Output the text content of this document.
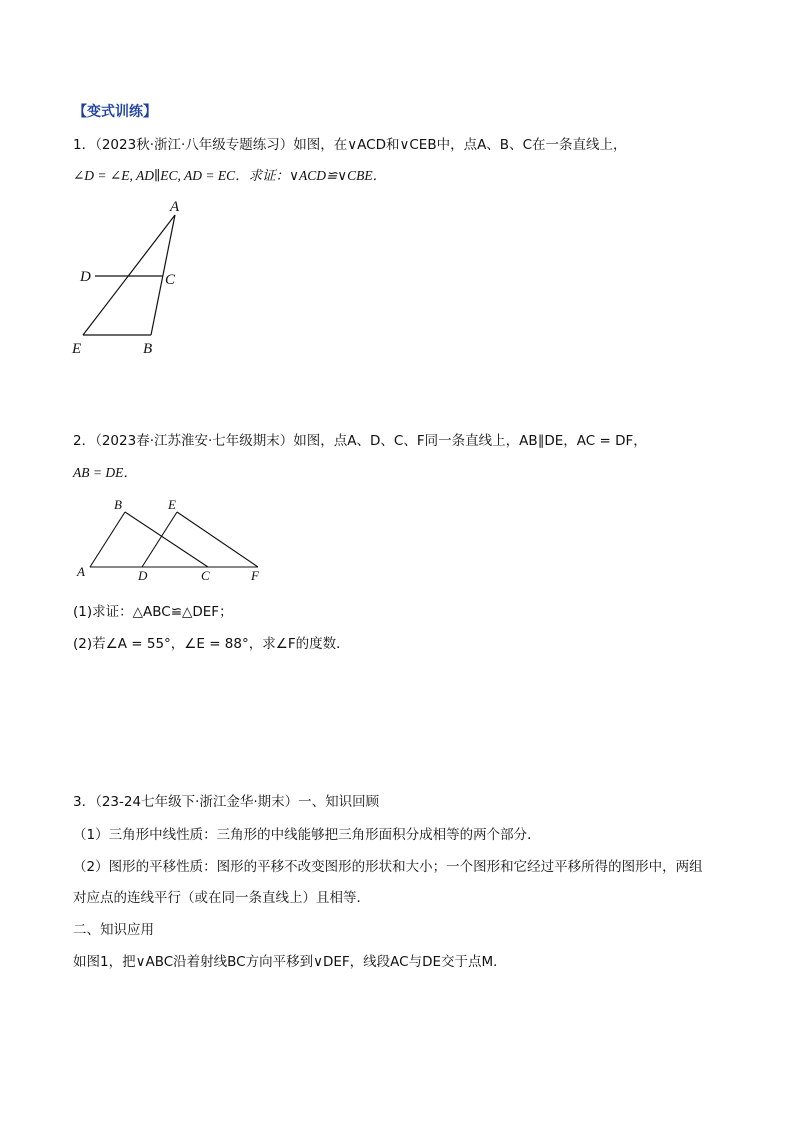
【变式训练】
1．（2023秋·浙江·八年级专题练习）如图，在∨ACD和∨CEB中，点A、B、C在一条直线上，
∠D = ∠E, AD∥EC, AD = EC．求证：∨ACD≌∨CBE．
A
D	C
E	B
2．（2023春·江苏淮安·七年级期末）如图，点A、D、C、F同一条直线上，AB∥DE，AC = DF，
AB = DE．
A
B	E
D	C	F
(1)求证：△ABC≌△DEF；
(2)若∠A = 55°，∠E = 88°，求∠F的度数．
3．（23-24七年级下·浙江金华·期末）一、知识回顾
（1）三角形中线性质：三角形的中线能够把三角形面积分成相等的两个部分．
（2）图形的平移性质：图形的平移不改变图形的形状和大小；一个图形和它经过平移所得的图形中，两组
对应点的连线平行（或在同一条直线上）且相等．
二、知识应用
如图1，把∨ABC沿着射线BC方向平移到∨DEF，线段AC与DE交于点M．
